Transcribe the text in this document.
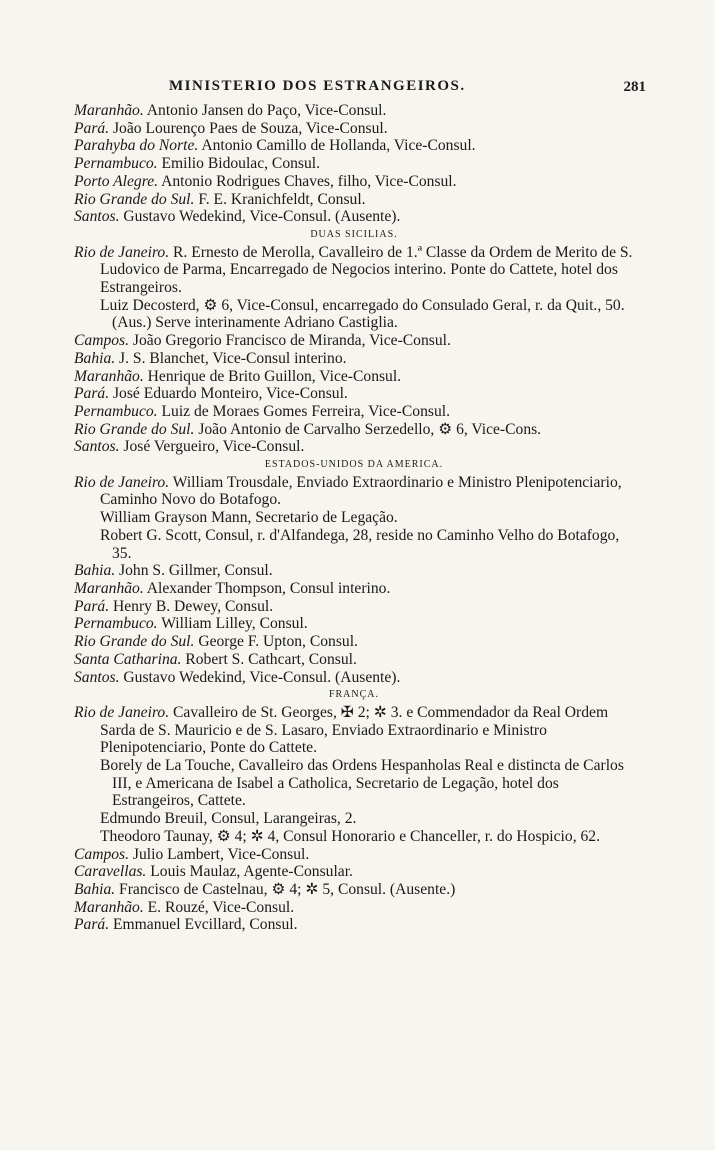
MINISTERIO DOS ESTRANGEIROS.	281

Maranhão. Antonio Jansen do Paço, Vice-Consul.

Pará. João Lourenço Paes de Souza, Vice-Consul.

Parahyba do Norte. Antonio Camillo de Hollanda, Vice-Consul.

Pernambuco. Emilio Bidoulac, Consul.

Porto Alegre. Antonio Rodrigues Chaves, filho, Vice-Consul.

Rio Grande do Sul. F. E. Kranichfeldt, Consul.

Santos. Gustavo Wedekind, Vice-Consul. (Ausente).

DUAS SICILIAS.

Rio de Janeiro. R. Ernesto de Merolla, Cavalleiro de 1.ª Classe da Ordem de Merito de S. Ludovico de Parma, Encarregado de Negocios interino. Ponte do Cattete, hotel dos Estrangeiros.

Luiz Decosterd, ⚙ 6, Vice-Consul, encarregado do Consulado Geral, r. da Quit., 50. (Aus.) Serve interinamente Adriano Castiglia.

Campos. João Gregorio Francisco de Miranda, Vice-Consul.

Bahia. J. S. Blanchet, Vice-Consul interino.

Maranhão. Henrique de Brito Guillon, Vice-Consul.

Pará. José Eduardo Monteiro, Vice-Consul.

Pernambuco. Luiz de Moraes Gomes Ferreira, Vice-Consul.

Rio Grande do Sul. João Antonio de Carvalho Serzedello, ⚙ 6, Vice-Cons.

Santos. José Vergueiro, Vice-Consul.

ESTADOS-UNIDOS DA AMERICA.

Rio de Janeiro. William Trousdale, Enviado Extraordinario e Ministro Plenipotenciario, Caminho Novo do Botafogo.

William Grayson Mann, Secretario de Legação.

Robert G. Scott, Consul, r. d'Alfandega, 28, reside no Caminho Velho do Botafogo, 35.

Bahia. John S. Gillmer, Consul.

Maranhão. Alexander Thompson, Consul interino.

Pará. Henry B. Dewey, Consul.

Pernambuco. William Lilley, Consul.

Rio Grande do Sul. George F. Upton, Consul.

Santa Catharina. Robert S. Cathcart, Consul.

Santos. Gustavo Wedekind, Vice-Consul. (Ausente).

FRANÇA.

Rio de Janeiro. Cavalleiro de St. Georges, ✠ 2; ✲ 3. e Commendador da Real Ordem Sarda de S. Mauricio e de S. Lasaro, Enviado Extraordinario e Ministro Plenipotenciario, Ponte do Cattete.

Borely de La Touche, Cavalleiro das Ordens Hespanholas Real e distincta de Carlos III, e Americana de Isabel a Catholica, Secretario de Legação, hotel dos Estrangeiros, Cattete.

Edmundo Breuil, Consul, Larangeiras, 2.

Theodoro Taunay, ⚙ 4; ✲ 4, Consul Honorario e Chanceller, r. do Hospicio, 62.

Campos. Julio Lambert, Vice-Consul.

Caravellas. Louis Maulaz, Agente-Consular.

Bahia. Francisco de Castelnau, ⚙ 4; ✲ 5, Consul. (Ausente.)

Maranhão. E. Rouzé, Vice-Consul.

Pará. Emmanuel Evcillard, Consul.
